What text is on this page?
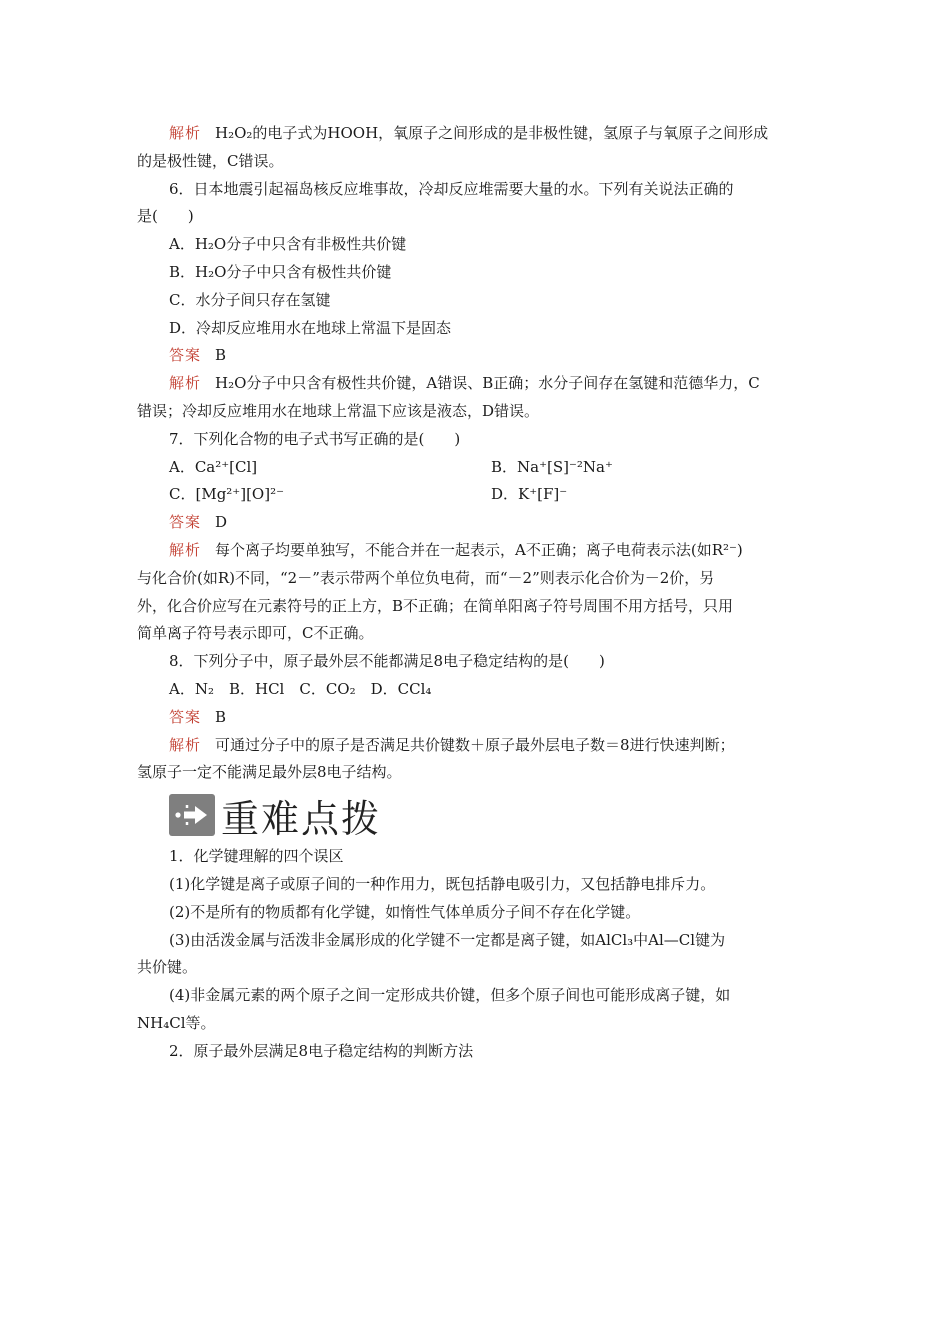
解析 H₂O₂的电子式为HOOH，氧原子之间形成的是非极性键，氢原子与氧原子之间形成
的是极性键，C错误。
6．日本地震引起福岛核反应堆事故，冷却反应堆需要大量的水。下列有关说法正确的
是(　　)
A．H₂O分子中只含有非极性共价键
B．H₂O分子中只含有极性共价键
C．水分子间只存在氢键
D．冷却反应堆用水在地球上常温下是固态
答案 B
解析 H₂O分子中只含有极性共价键，A错误、B正确；水分子间存在氢键和范德华力，C
错误；冷却反应堆用水在地球上常温下应该是液态，D错误。
7．下列化合物的电子式书写正确的是(　　)
A．Ca²⁺[Cl]	B．Na⁺[S]⁻²Na⁺
C．[Mg²⁺][O]²⁻	D．K⁺[F]⁻
答案 D
解析 每个离子均要单独写，不能合并在一起表示，A不正确；离子电荷表示法(如R²⁻)
与化合价(如R)不同，“2－”表示带两个单位负电荷，而“－2”则表示化合价为－2价，另
外，化合价应写在元素符号的正上方，B不正确；在简单阳离子符号周围不用方括号，只用
简单离子符号表示即可，C不正确。
8．下列分子中，原子最外层不能都满足8电子稳定结构的是(　　)
A．N₂　B．HCl　C．CO₂　D．CCl₄
答案 B
解析 可通过分子中的原子是否满足共价键数＋原子最外层电子数＝8进行快速判断；
氢原子一定不能满足最外层8电子结构。
重难点拨
1．化学键理解的四个误区
(1)化学键是离子或原子间的一种作用力，既包括静电吸引力，又包括静电排斥力。
(2)不是所有的物质都有化学键，如惰性气体单质分子间不存在化学键。
(3)由活泼金属与活泼非金属形成的化学键不一定都是离子键，如AlCl₃中Al—Cl键为
共价键。
(4)非金属元素的两个原子之间一定形成共价键，但多个原子间也可能形成离子键，如
NH₄Cl等。
2．原子最外层满足8电子稳定结构的判断方法
